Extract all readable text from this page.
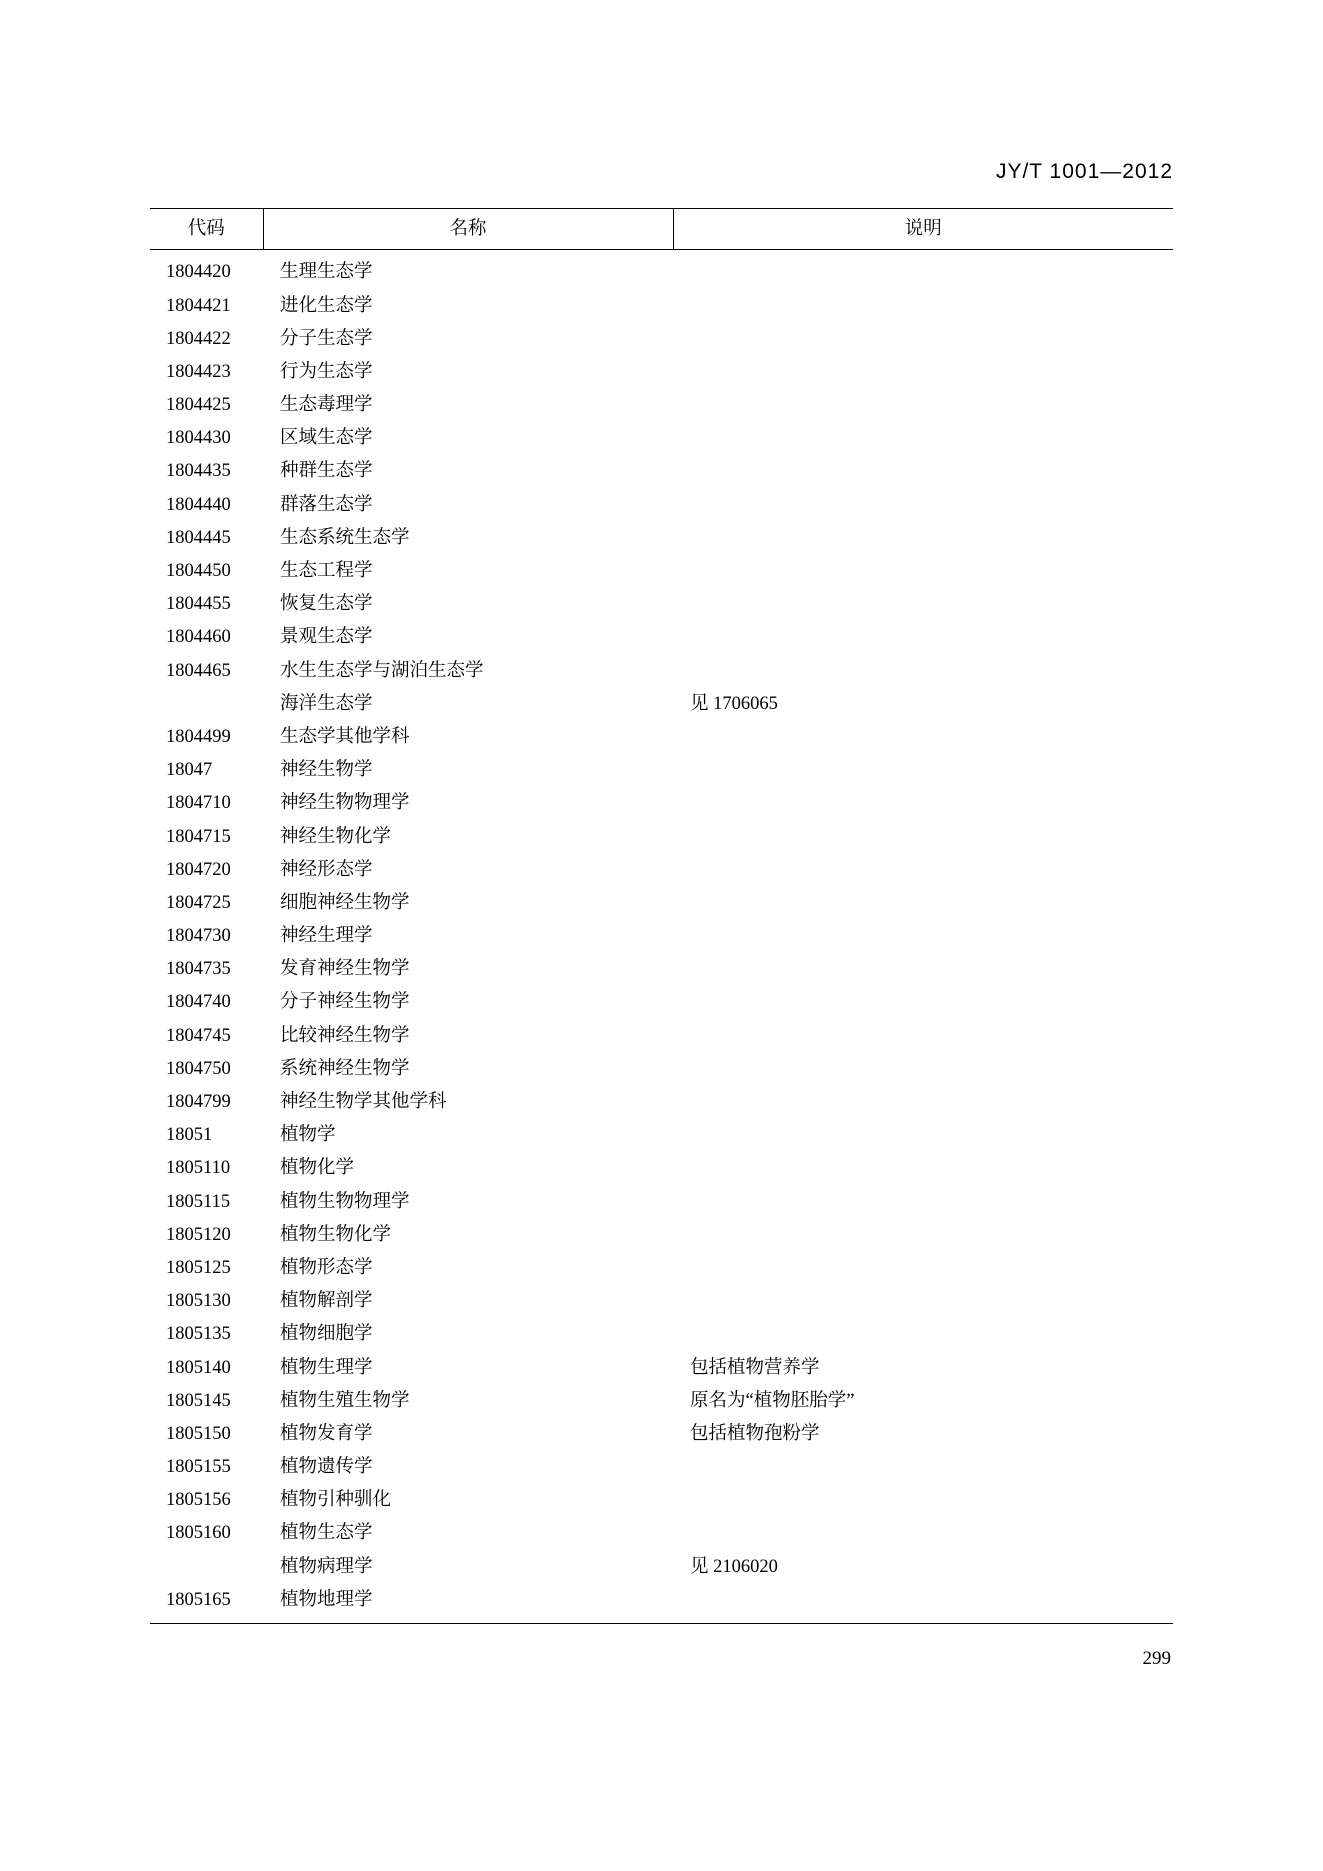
JY/T 1001—2012
代码	名称	说明
1804420	生理生态学	
1804421	进化生态学	
1804422	分子生态学	
1804423	行为生态学	
1804425	生态毒理学	
1804430	区域生态学	
1804435	种群生态学	
1804440	群落生态学	
1804445	生态系统生态学	
1804450	生态工程学	
1804455	恢复生态学	
1804460	景观生态学	
1804465	水生生态学与湖泊生态学	
	海洋生态学	见 1706065
1804499	生态学其他学科	
18047	神经生物学	
1804710	神经生物物理学	
1804715	神经生物化学	
1804720	神经形态学	
1804725	细胞神经生物学	
1804730	神经生理学	
1804735	发育神经生物学	
1804740	分子神经生物学	
1804745	比较神经生物学	
1804750	系统神经生物学	
1804799	神经生物学其他学科	
18051	植物学	
1805110	植物化学	
1805115	植物生物物理学	
1805120	植物生物化学	
1805125	植物形态学	
1805130	植物解剖学	
1805135	植物细胞学	
1805140	植物生理学	包括植物营养学
1805145	植物生殖生物学	原名为“植物胚胎学”
1805150	植物发育学	包括植物孢粉学
1805155	植物遗传学	
1805156	植物引种驯化	
1805160	植物生态学	
	植物病理学	见 2106020
1805165	植物地理学	
299
